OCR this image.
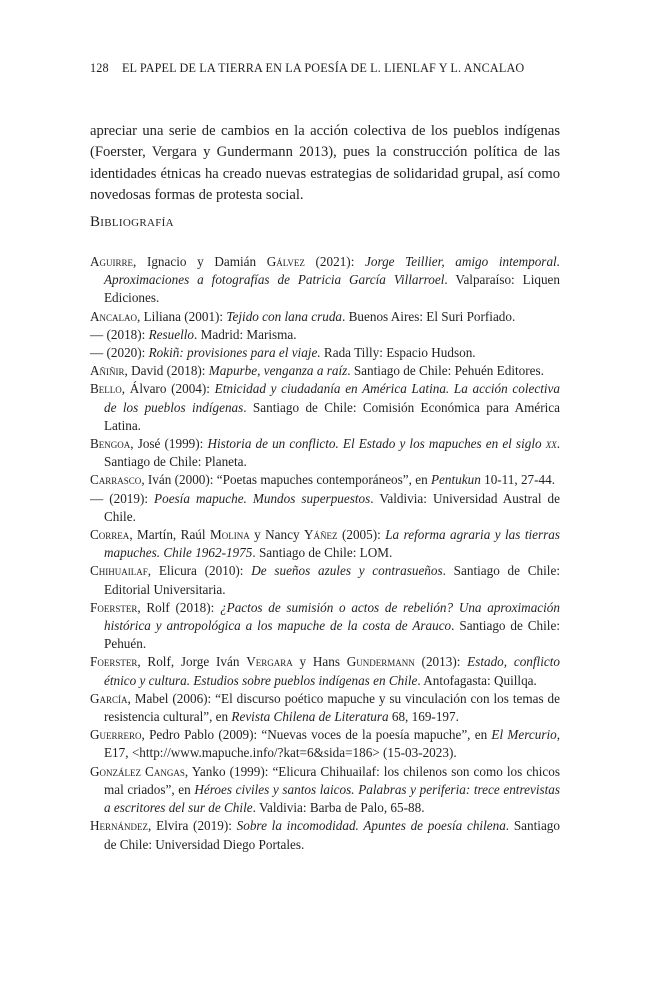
128 EL PAPEL DE LA TIERRA EN LA POESÍA DE L. LIENLAF Y L. ANCALAO

apreciar una serie de cambios en la acción colectiva de los pueblos indígenas (Foerster, Vergara y Gundermann 2013), pues la construcción política de las identidades étnicas ha creado nuevas estrategias de solidaridad grupal, así como novedosas formas de protesta social.

Bibliografía
Aguirre, Ignacio y Damián Gálvez (2021): Jorge Teillier, amigo intemporal. Aproximaciones a fotografías de Patricia García Villarroel. Valparaíso: Liquen Ediciones.
Ancalao, Liliana (2001): Tejido con lana cruda. Buenos Aires: El Suri Porfiado.
— (2018): Resuello. Madrid: Marisma.
— (2020): Rokiñ: provisiones para el viaje. Rada Tilly: Espacio Hudson.
Añiñir, David (2018): Mapurbe, venganza a raíz. Santiago de Chile: Pehuén Editores.
Bello, Álvaro (2004): Etnicidad y ciudadanía en América Latina. La acción colectiva de los pueblos indígenas. Santiago de Chile: Comisión Económica para América Latina.
Bengoa, José (1999): Historia de un conflicto. El Estado y los mapuches en el siglo xx. Santiago de Chile: Planeta.
Carrasco, Iván (2000): “Poetas mapuches contemporáneos”, en Pentukun 10-11, 27-44.
— (2019): Poesía mapuche. Mundos superpuestos. Valdivia: Universidad Austral de Chile.
Correa, Martín, Raúl Molina y Nancy Yáñez (2005): La reforma agraria y las tierras mapuches. Chile 1962-1975. Santiago de Chile: LOM.
Chihuailaf, Elicura (2010): De sueños azules y contrasueños. Santiago de Chile: Editorial Universitaria.
Foerster, Rolf (2018): ¿Pactos de sumisión o actos de rebelión? Una aproximación histórica y antropológica a los mapuche de la costa de Arauco. Santiago de Chile: Pehuén.
Foerster, Rolf, Jorge Iván Vergara y Hans Gundermann (2013): Estado, conflicto étnico y cultura. Estudios sobre pueblos indígenas en Chile. Antofagasta: Quillqa.
García, Mabel (2006): “El discurso poético mapuche y su vinculación con los temas de resistencia cultural”, en Revista Chilena de Literatura 68, 169-197.
Guerrero, Pedro Pablo (2009): “Nuevas voces de la poesía mapuche”, en El Mercurio, E17, <http://www.mapuche.info/?kat=6&sida=186> (15-03-2023).
González Cangas, Yanko (1999): “Elicura Chihuailaf: los chilenos son como los chicos mal criados”, en Héroes civiles y santos laicos. Palabras y periferia: trece entrevistas a escritores del sur de Chile. Valdivia: Barba de Palo, 65-88.
Hernández, Elvira (2019): Sobre la incomodidad. Apuntes de poesía chilena. Santiago de Chile: Universidad Diego Portales.
